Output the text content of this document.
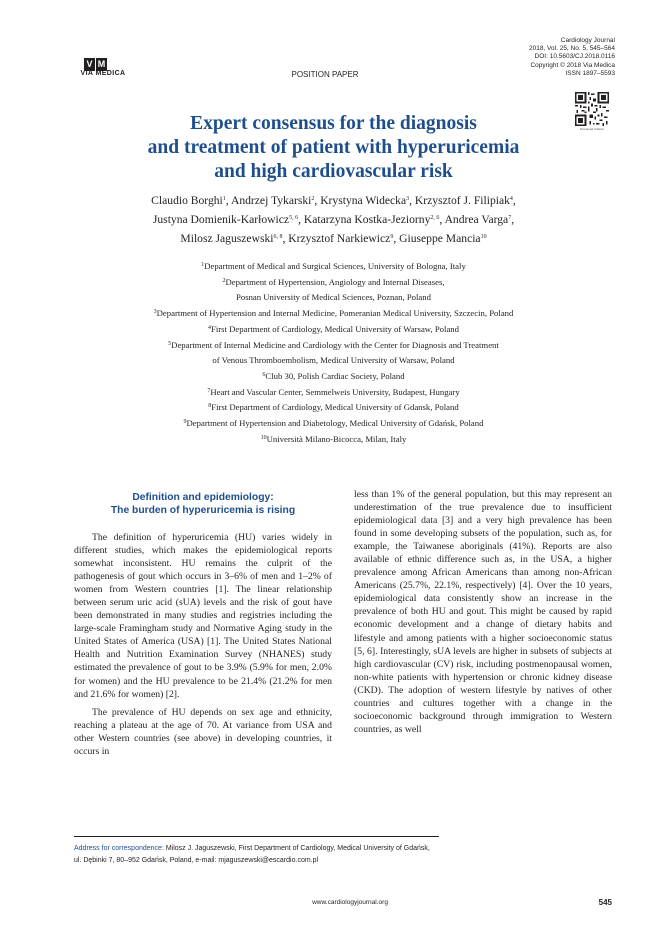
V M
VIA MEDICA	POSITION PAPER
Cardiology Journal
2018, Vol. 25, No. 5, 545–564
DOI: 10.5603/CJ.2018.0116
Copyright © 2018 Via Medica
ISSN 1897–5593
Download Citation
Expert consensus for the diagnosis
and treatment of patient with hyperuricemia
and high cardiovascular risk
Claudio Borghi$^1$, Andrzej Tykarski$^2$, Krystyna Widecka$^3$, Krzysztof J. Filipiak$^4$,
Justyna Domienik-Karłowicz$^{5, 6}$, Katarzyna Kostka-Jeziorny$^{2, 6}$, Andrea Varga$^7$,
Milosz Jaguszewski$^{6, 8}$, Krzysztof Narkiewicz$^9$, Giuseppe Mancia$^{10}$
$^1$Department of Medical and Surgical Sciences, University of Bologna, Italy
$^2$Department of Hypertension, Angiology and Internal Diseases,
Posnan University of Medical Sciences, Poznan, Poland
$^3$Department of Hypertension and Internal Medicine, Pomeranian Medical University, Szczecin, Poland
$^4$First Department of Cardiology, Medical University of Warsaw, Poland
$^5$Department of Internal Medicine and Cardiology with the Center for Diagnosis and Treatment
of Venous Thromboembolism, Medical University of Warsaw, Poland
$^6$Club 30, Polish Cardiac Society, Poland
$^7$Heart and Vascular Center, Semmelweis University, Budapest, Hungary
$^8$First Department of Cardiology, Medical University of Gdansk, Poland
$^9$Department of Hypertension and Diabetology, Medical University of Gdańsk, Poland
$^{10}$Università Milano-Bicocca, Milan, Italy
Definition and epidemiology:
The burden of hyperuricemia is rising

The definition of hyperuricemia (HU) varies widely in different studies, which makes the epidemiological reports somewhat inconsistent. HU remains the culprit of the pathogenesis of gout which occurs in 3–6% of men and 1–2% of women from Western countries [1]. The linear relationship between serum uric acid (sUA) levels and the risk of gout have been demonstrated in many studies and registries including the large-scale Framingham study and Normative Aging study in the United States of America (USA) [1]. The United States National Health and Nutrition Examination Survey (NHANES) study estimated the prevalence of gout to be 3.9% (5.9% for men, 2.0% for women) and the HU prevalence to be 21.4% (21.2% for men and 21.6% for women) [2].

The prevalence of HU depends on sex age and ethnicity, reaching a plateau at the age of 70. At variance from USA and other Western countries (see above) in developing countries, it occurs in

less than 1% of the general population, but this may represent an underestimation of the true prevalence due to insufficient epidemiological data [3] and a very high prevalence has been found in some developing subsets of the population, such as, for example, the Taiwanese aboriginals (41%). Reports are also available of ethnic difference such as, in the USA, a higher prevalence among African Americans than among non-African Americans (25.7%, 22.1%, respectively) [4]. Over the 10 years, epidemiological data consistently show an increase in the prevalence of both HU and gout. This might be caused by rapid economic development and a change of dietary habits and lifestyle and among patients with a higher socioeconomic status [5, 6]. Interestingly, sUA levels are higher in subsets of subjects at high cardiovascular (CV) risk, including postmenopausal women, non-white patients with hypertension or chronic kidney disease (CKD). The adoption of western lifestyle by natives of other countries and cultures together with a change in the socioeconomic background through immigration to Western countries, as well

Address for correspondence: Milosz J. Jaguszewski, First Department of Cardiology, Medical University of Gdańsk,
ul. Dębinki 7, 80–952 Gdańsk, Poland, e-mail: mjaguszewski@escardio.com.pl
www.cardiologyjournal.org	545
